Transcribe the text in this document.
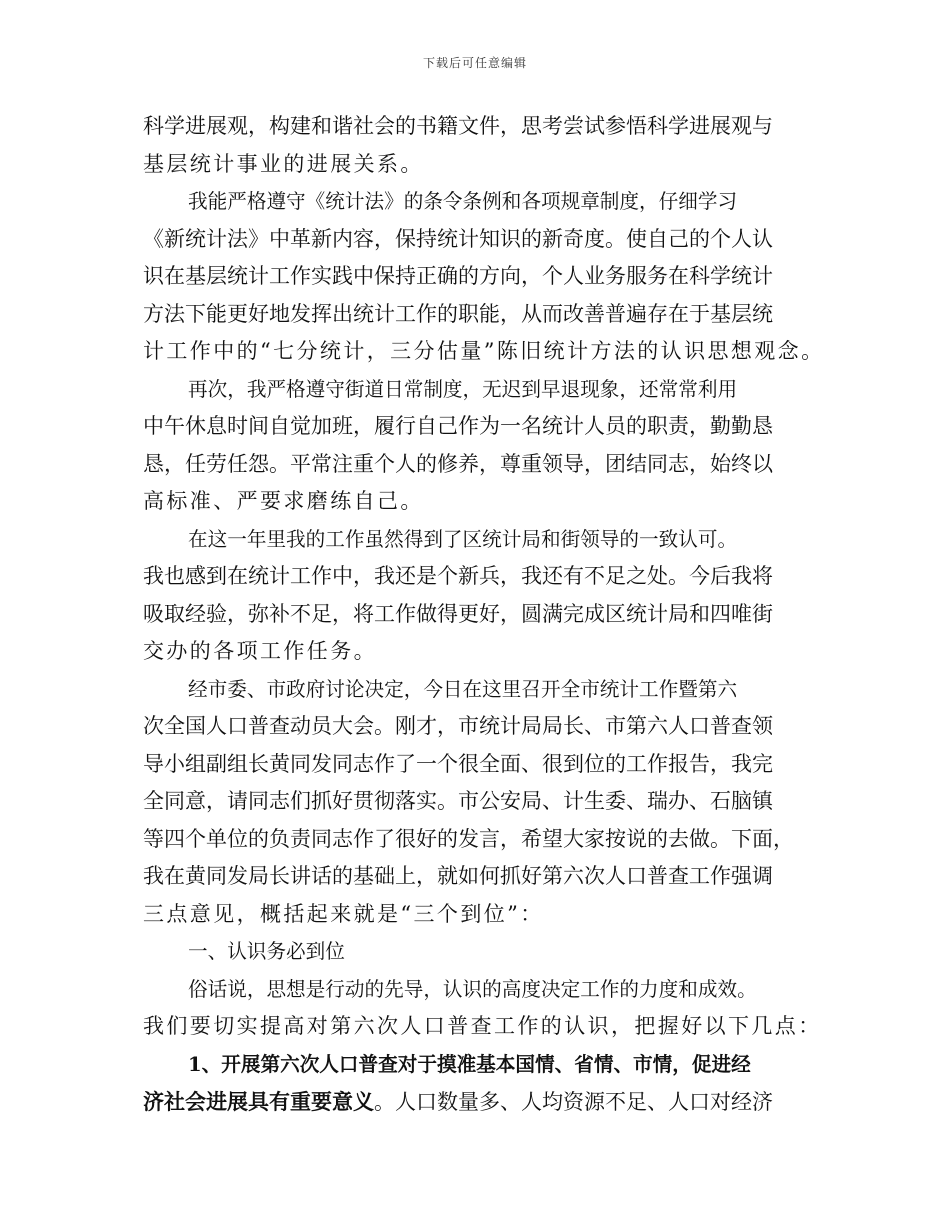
下载后可任意编辑
科学进展观，构建和谐社会的书籍文件，思考尝试参悟科学进展观与
基层统计事业的进展关系。
我能严格遵守《统计法》的条令条例和各项规章制度，仔细学习
《新统计法》中革新内容，保持统计知识的新奇度。使自己的个人认
识在基层统计工作实践中保持正确的方向，个人业务服务在科学统计
方法下能更好地发挥出统计工作的职能，从而改善普遍存在于基层统
计工作中的“七分统计，三分估量”陈旧统计方法的认识思想观念。
再次，我严格遵守街道日常制度，无迟到早退现象，还常常利用
中午休息时间自觉加班，履行自己作为一名统计人员的职责，勤勤恳
恳，任劳任怨。平常注重个人的修养，尊重领导，团结同志，始终以
高标准、严要求磨练自己。
在这一年里我的工作虽然得到了区统计局和街领导的一致认可。
我也感到在统计工作中，我还是个新兵，我还有不足之处。今后我将
吸取经验，弥补不足，将工作做得更好，圆满完成区统计局和四唯街
交办的各项工作任务。
经市委、市政府讨论决定，今日在这里召开全市统计工作暨第六
次全国人口普查动员大会。刚才，市统计局局长、市第六人口普查领
导小组副组长黄同发同志作了一个很全面、很到位的工作报告，我完
全同意，请同志们抓好贯彻落实。市公安局、计生委、瑞办、石脑镇
等四个单位的负责同志作了很好的发言，希望大家按说的去做。下面，
我在黄同发局长讲话的基础上，就如何抓好第六次人口普查工作强调
三点意见，概括起来就是“三个到位”：
一、认识务必到位
俗话说，思想是行动的先导，认识的高度决定工作的力度和成效。
我们要切实提高对第六次人口普查工作的认识，把握好以下几点：
1、开展第六次人口普查对于摸准基本国情、省情、市情，促进经
济社会进展具有重要意义。人口数量多、人均资源不足、人口对经济
